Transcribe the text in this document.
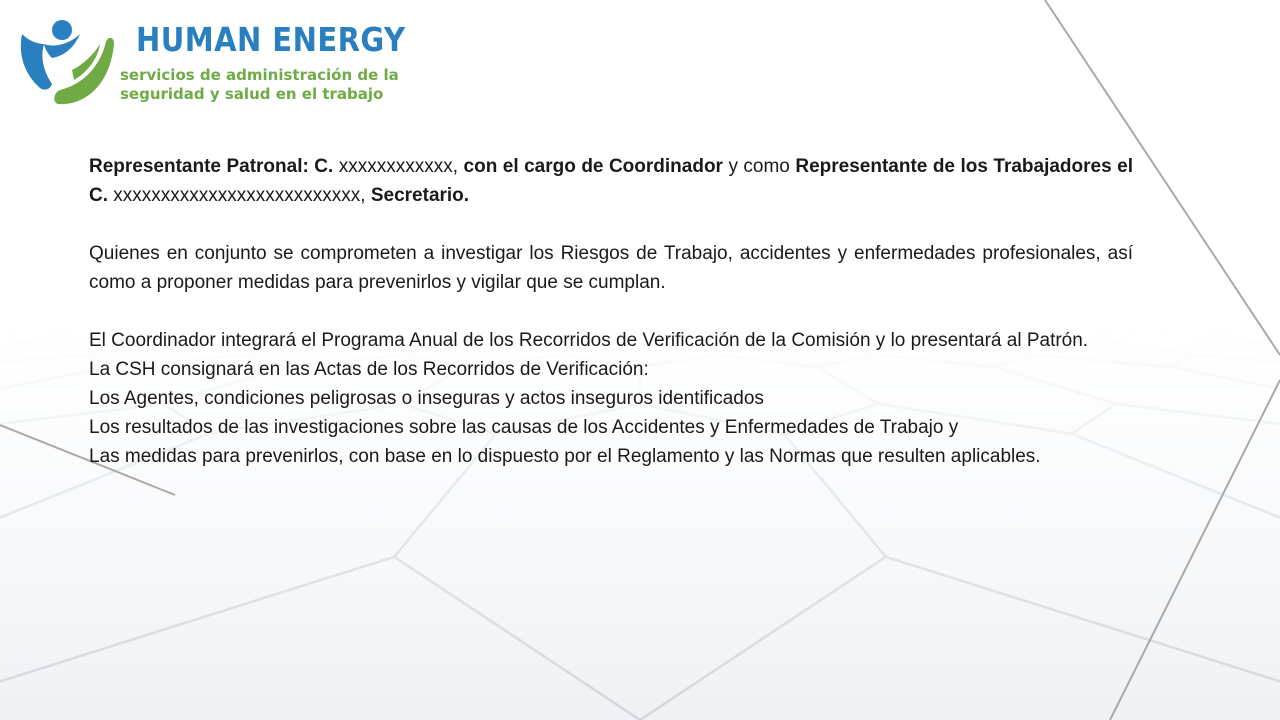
HUMAN ENERGY
servicios de administración de la
seguridad y salud en el trabajo

Representante Patronal: C. xxxxxxxxxxxx, con el cargo de Coordinador y como Representante de los Trabajadores el C. xxxxxxxxxxxxxxxxxxxxxxxxxx, Secretario.

Quienes en conjunto se comprometen a investigar los Riesgos de Trabajo, accidentes y enfermedades profesionales, así como a proponer medidas para prevenirlos y vigilar que se cumplan.

El Coordinador integrará el Programa Anual de los Recorridos de Verificación de la Comisión y lo presentará al Patrón.

La CSH consignará en las Actas de los Recorridos de Verificación:

Los Agentes, condiciones peligrosas o inseguras y actos inseguros identificados

Los resultados de las investigaciones sobre las causas de los Accidentes y Enfermedades de Trabajo y

Las medidas para prevenirlos, con base en lo dispuesto por el Reglamento y las Normas que resulten aplicables.
